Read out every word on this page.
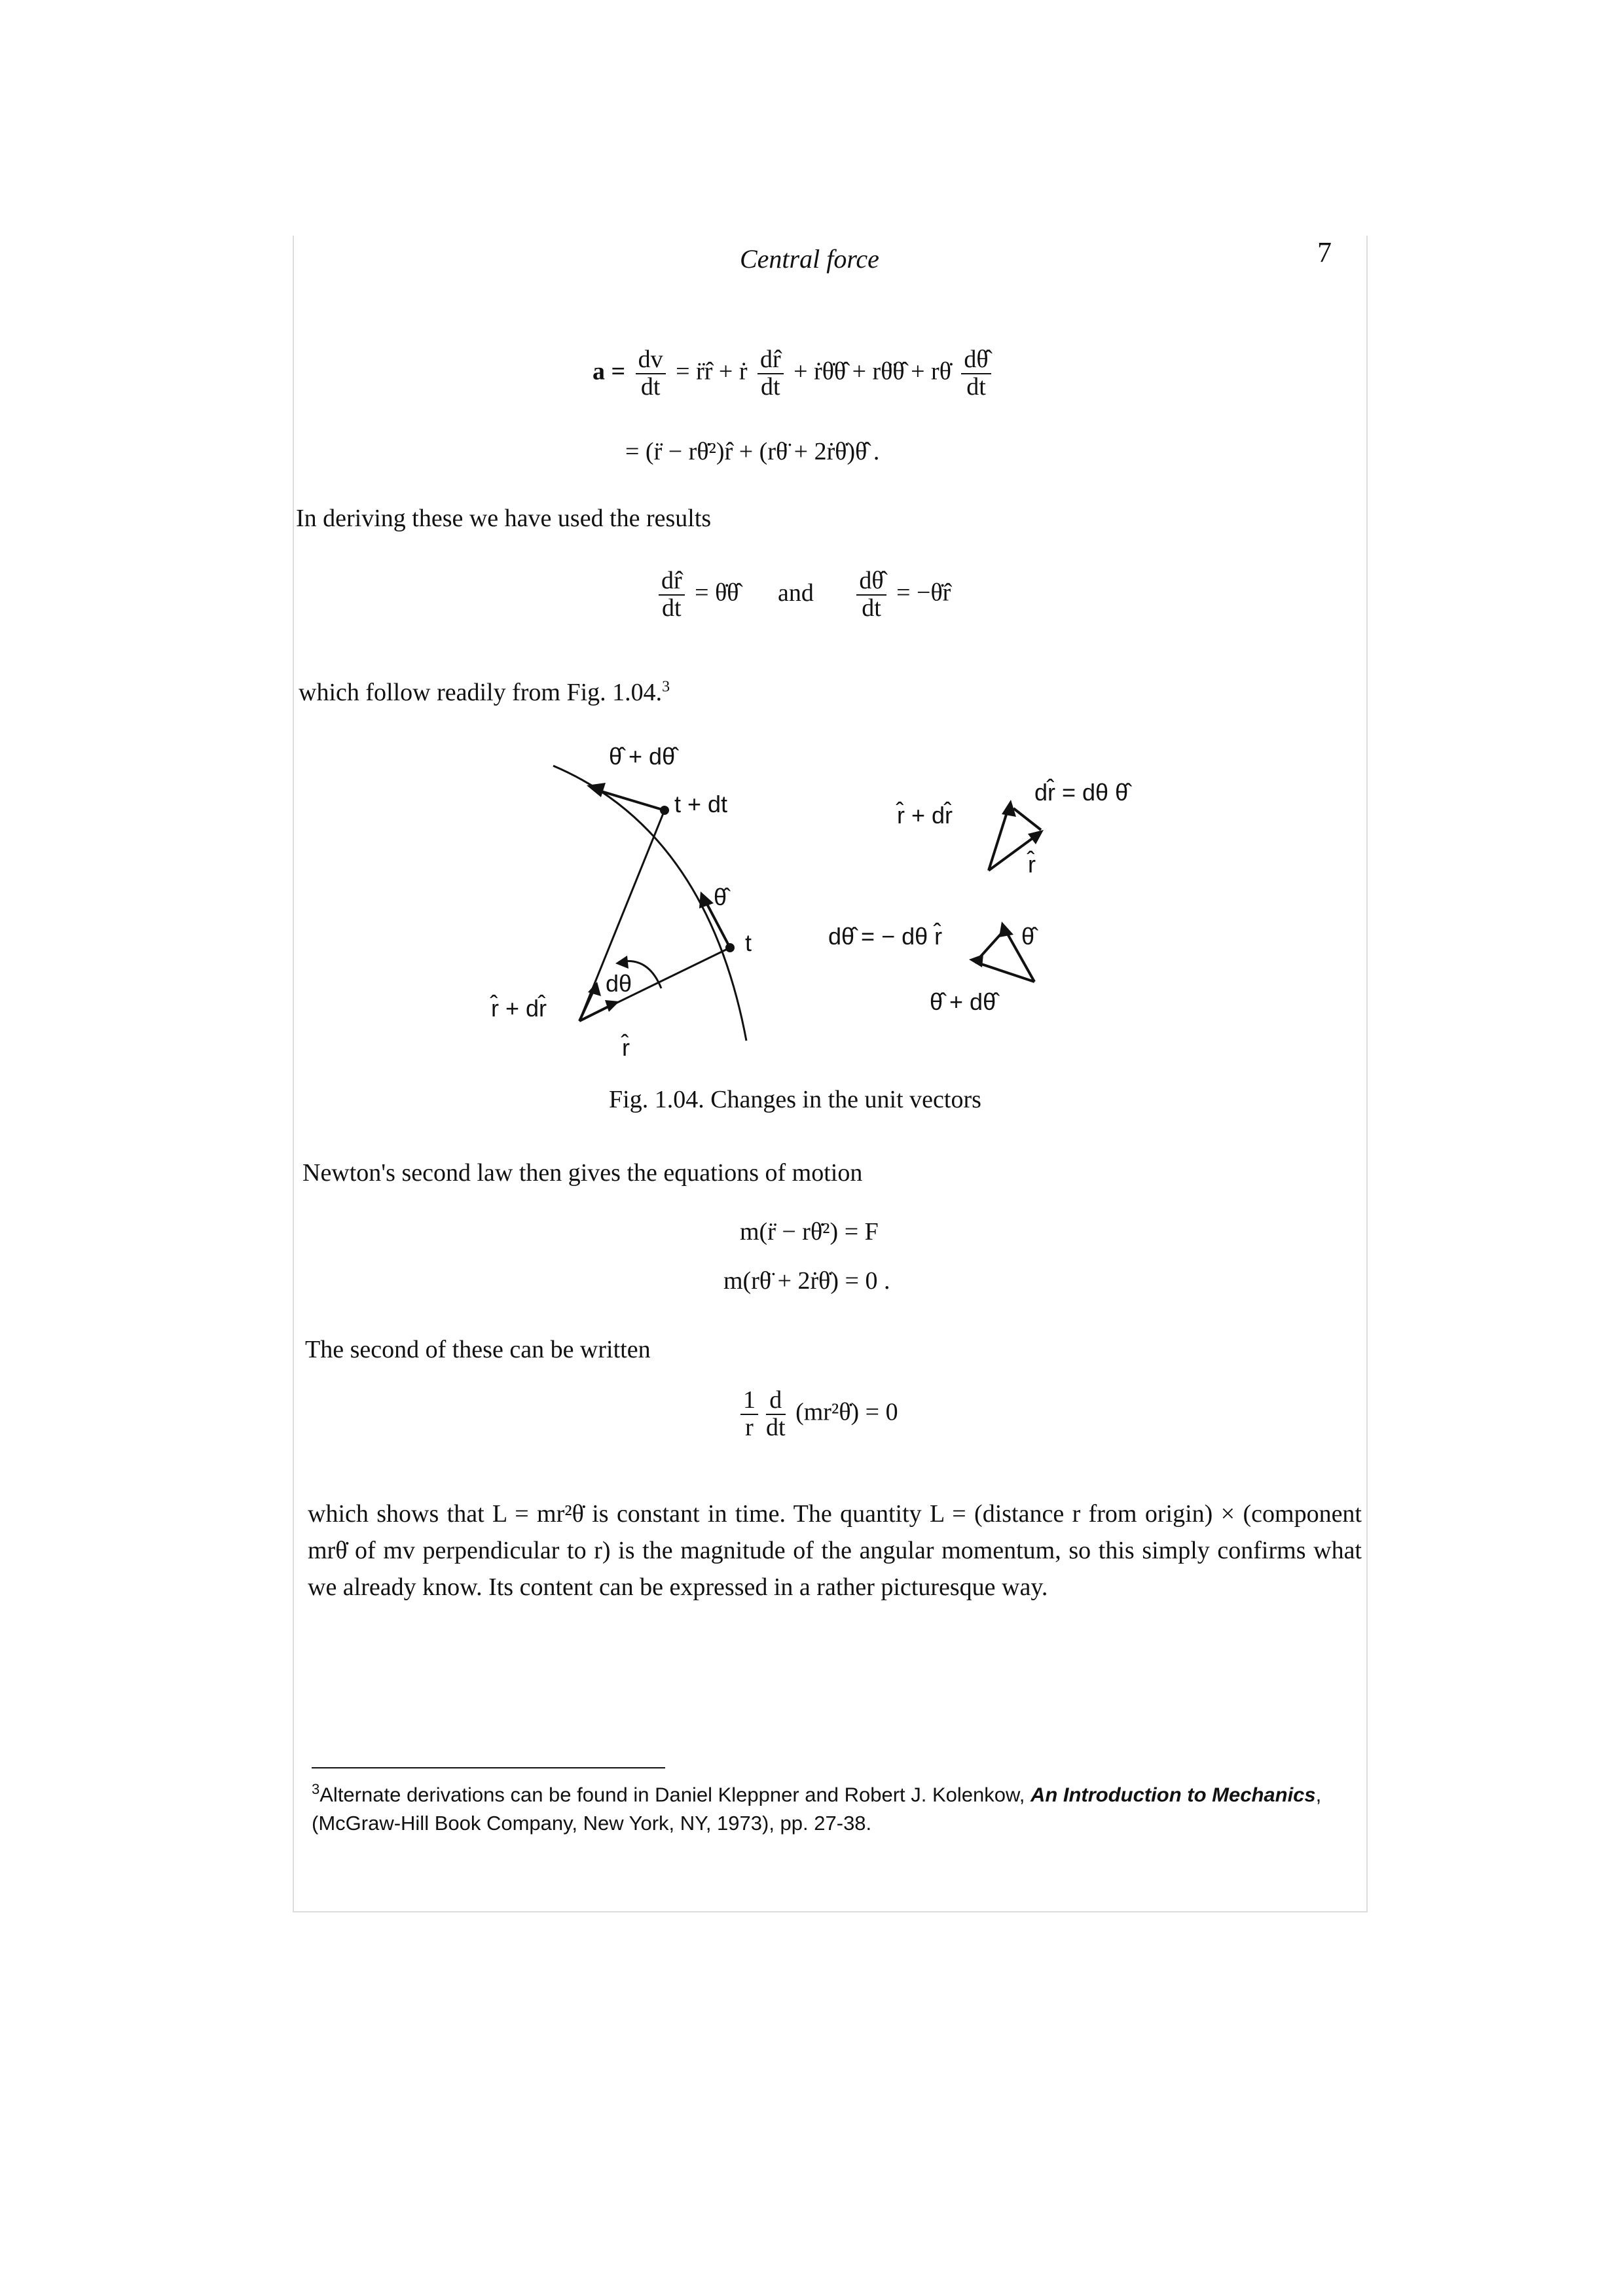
Central force	7
$a = \frac{dv}{dt}$ = r̈r̂ + ṙ $\frac{dr̂}{dt}$ + ṙθ̇θ̂ + rθ̈θ̂ + rθ̇ $\frac{d\thetâ}{dt}$
= (r̈ − rθ̇²)r̂ + (rθ̈ + 2ṙθ̇)θ̂ .
In deriving these we have used the results
$\frac{dr̂}{dt}$ = θ̇θ̂ and $\frac{d\thetâ}{dt}$ = −θ̇r̂
which follow readily from Fig. 1.04.$^3$
θ̂ + dθ̂
t + dt
θ̂
t
dθ
r̂ + dr̂
r̂
r̂ + dr̂
dr̂ = dθ θ̂
r̂
dθ̂ = − dθ r̂	θ̂
θ̂ + dθ̂
Fig. 1.04. Changes in the unit vectors
Newton's second law then gives the equations of motion
m(r̈ − rθ̇²) = F
m(rθ̈ + 2ṙθ̇) = 0 .
The second of these can be written
$\frac{1}{r} \frac{d}{dt}$ (mr²θ̇) = 0
which shows that L = mr²θ̇ is constant in time. The quantity L = (distance r from origin) × (component mrθ̇ of mv perpendicular to r) is the magnitude of the angular momentum, so this simply confirms what we already know. Its content can be expressed in a rather picturesque way.
$^3$Alternate derivations can be found in Daniel Kleppner and Robert J. Kolenkow, An Introduction to Mechanics, (McGraw-Hill Book Company, New York, NY, 1973), pp. 27-38.
